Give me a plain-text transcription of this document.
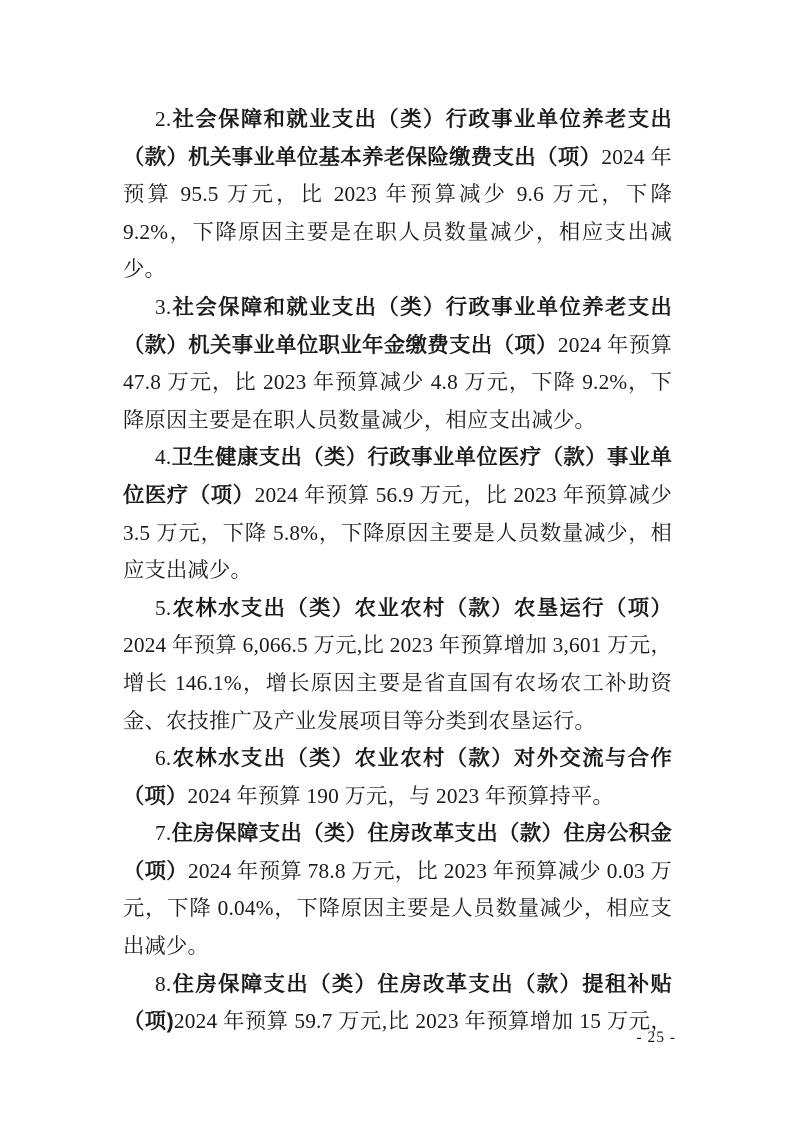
2.社会保障和就业支出（类）行政事业单位养老支出（款）机关事业单位基本养老保险缴费支出（项）2024 年预算 95.5 万元，比 2023 年预算减少 9.6 万元，下降 9.2%，下降原因主要是在职人员数量减少，相应支出减少。

3.社会保障和就业支出（类）行政事业单位养老支出（款）机关事业单位职业年金缴费支出（项）2024 年预算 47.8 万元，比 2023 年预算减少 4.8 万元，下降 9.2%，下降原因主要是在职人员数量减少，相应支出减少。

4.卫生健康支出（类）行政事业单位医疗（款）事业单位医疗（项）2024 年预算 56.9 万元，比 2023 年预算减少 3.5 万元，下降 5.8%，下降原因主要是人员数量减少，相应支出减少。

5.农林水支出（类）农业农村（款）农垦运行（项）2024 年预算 6,066.5 万元,比 2023 年预算增加 3,601 万元，增长 146.1%，增长原因主要是省直国有农场农工补助资金、农技推广及产业发展项目等分类到农垦运行。

6.农林水支出（类）农业农村（款）对外交流与合作（项）2024 年预算 190 万元，与 2023 年预算持平。

7.住房保障支出（类）住房改革支出（款）住房公积金（项）2024 年预算 78.8 万元，比 2023 年预算减少 0.03 万元，下降 0.04%，下降原因主要是人员数量减少，相应支出减少。

8.住房保障支出（类）住房改革支出（款）提租补贴（项)2024 年预算 59.7 万元,比 2023 年预算增加 15 万元，

- 25 -
